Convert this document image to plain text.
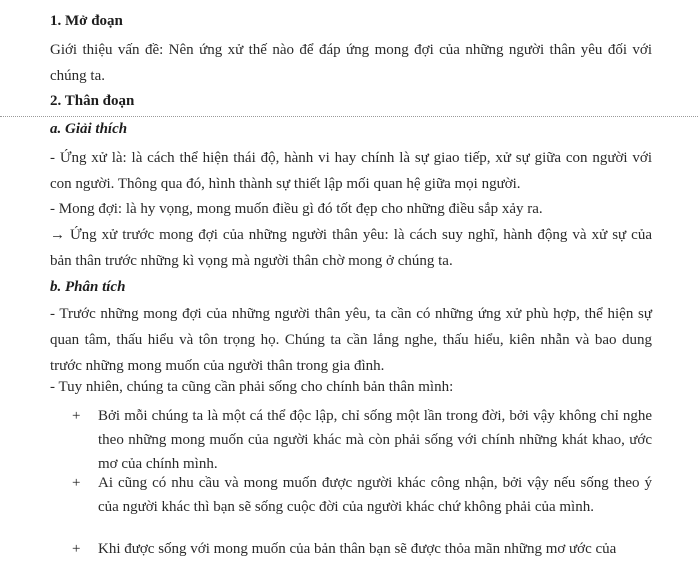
1. Mở đoạn
Giới thiệu vấn đề: Nên ứng xử thế nào để đáp ứng mong đợi của những người thân yêu đối với chúng ta.
2. Thân đoạn
a. Giải thích
- Ứng xử là: là cách thể hiện thái độ, hành vi hay chính là sự giao tiếp, xử sự giữa con người với con người. Thông qua đó, hình thành sự thiết lập mối quan hệ giữa mọi người.
- Mong đợi: là hy vọng, mong muốn điều gì đó tốt đẹp cho những điều sắp xảy ra.
→ Ứng xử trước mong đợi của những người thân yêu: là cách suy nghĩ, hành động và xử sự của bản thân trước những kì vọng mà người thân chờ mong ở chúng ta.
b. Phân tích
- Trước những mong đợi của những người thân yêu, ta cần có những ứng xử phù hợp, thể hiện sự quan tâm, thấu hiểu và tôn trọng họ. Chúng ta cần lắng nghe, thấu hiểu, kiên nhẫn và bao dung trước những mong muốn của người thân trong gia đình.
- Tuy nhiên, chúng ta cũng cần phải sống cho chính bản thân mình:
+	Bởi mỗi chúng ta là một cá thể độc lập, chỉ sống một lần trong đời, bởi vậy không chỉ nghe theo những mong muốn của người khác mà còn phải sống với chính những khát khao, ước mơ của chính mình.
+	Ai cũng có nhu cầu và mong muốn được người khác công nhận, bởi vậy nếu sống theo ý của người khác thì bạn sẽ sống cuộc đời của người khác chứ không phải của mình.
+	Khi được sống với mong muốn của bản thân bạn sẽ được thỏa mãn những mơ ước của
